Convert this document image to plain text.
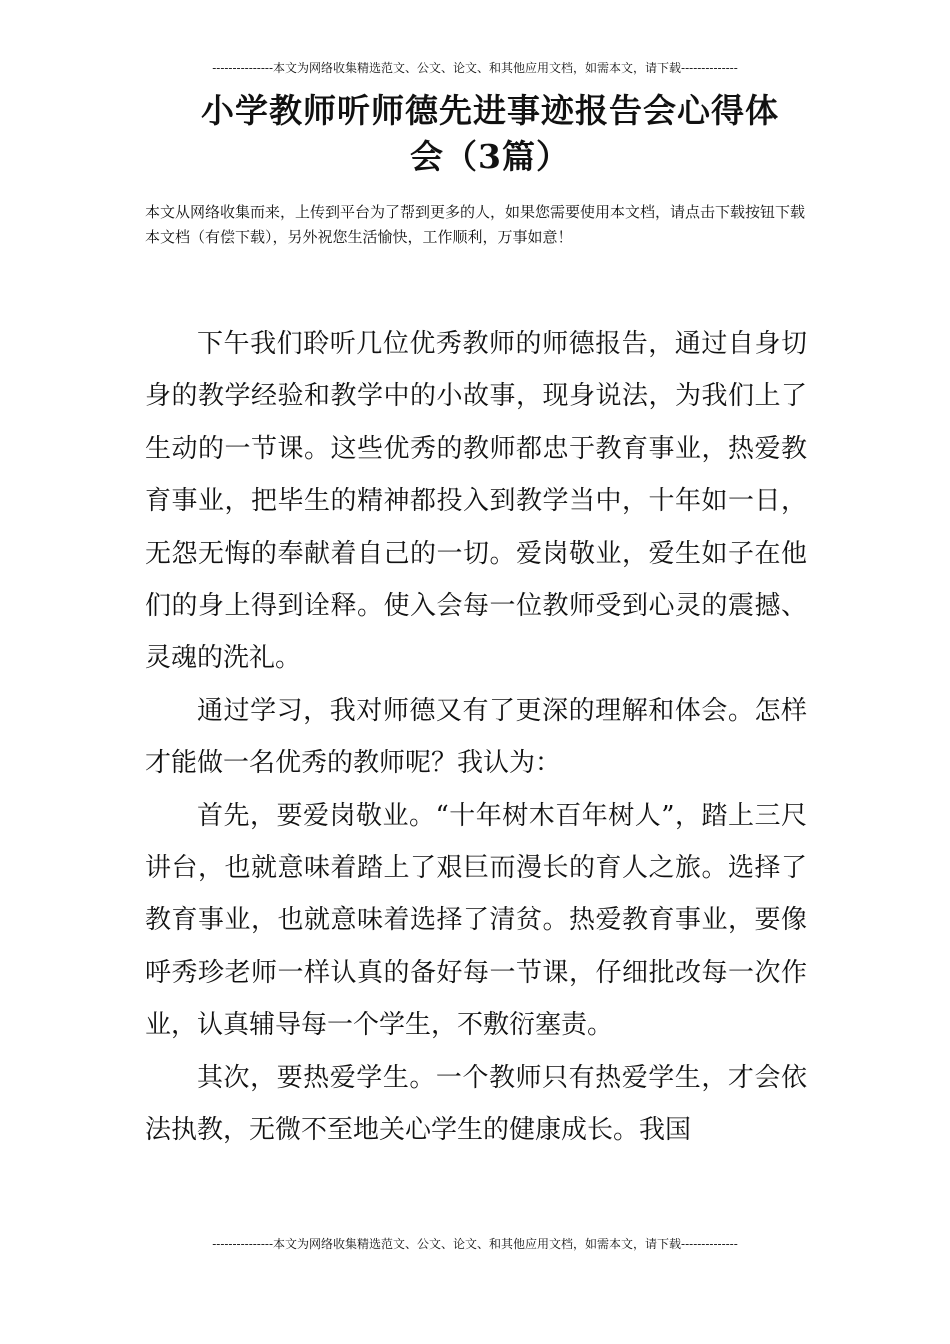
---------------本文为网络收集精选范文、公文、论文、和其他应用文档，如需本文，请下载--------------
小学教师听师德先进事迹报告会心得体
会（3篇）
本文从网络收集而来，上传到平台为了帮到更多的人，如果您需要使用本文档，请点击下载按钮下载本文档（有偿下载），另外祝您生活愉快，工作顺利，万事如意！

下午我们聆听几位优秀教师的师德报告，通过自身切身的教学经验和教学中的小故事，现身说法，为我们上了生动的一节课。这些优秀的教师都忠于教育事业，热爱教育事业，把毕生的精神都投入到教学当中，十年如一日，无怨无悔的奉献着自己的一切。爱岗敬业，爱生如子在他们的身上得到诠释。使入会每一位教师受到心灵的震撼、灵魂的洗礼。

通过学习，我对师德又有了更深的理解和体会。怎样才能做一名优秀的教师呢？我认为：

首先，要爱岗敬业。“十年树木百年树人”，踏上三尺讲台，也就意味着踏上了艰巨而漫长的育人之旅。选择了教育事业，也就意味着选择了清贫。热爱教育事业，要像呼秀珍老师一样认真的备好每一节课，仔细批改每一次作业，认真辅导每一个学生，不敷衍塞责。

其次，要热爱学生。一个教师只有热爱学生，才会依法执教，无微不至地关心学生的健康成长。我国

---------------本文为网络收集精选范文、公文、论文、和其他应用文档，如需本文，请下载--------------
